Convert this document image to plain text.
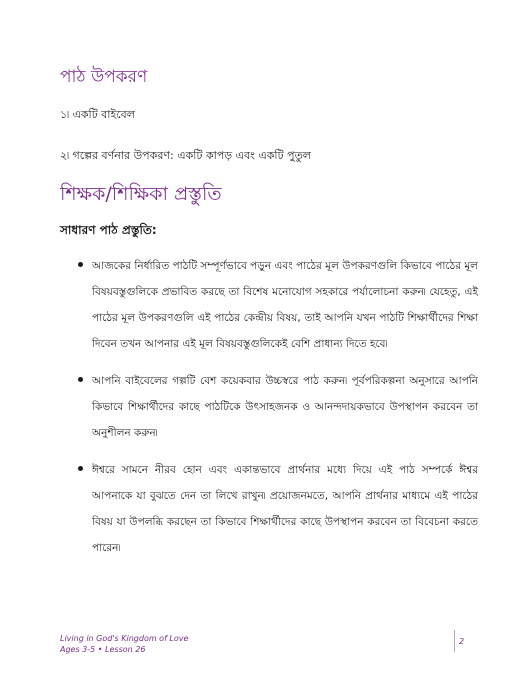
পাঠ উপকরণ

১৷ একটি বাইবেল

২৷ গল্পের বর্ণনার উপকরণ: একটি কাপড় এবং একটি পুতুল

শিক্ষক/শিক্ষিকা প্রস্তুতি

সাধারণ পাঠ প্রস্তুতি:

আজকের নির্ধারিত পাঠটি সম্পূর্ণভাবে পড়ুন এবং পাঠের মূল উপকরণগুলি কিভাবে পাঠের মূল বিষয়বস্তুগুলিকে প্রভাবিত করছে তা বিশেষ মনোযোগ সহকারে পর্যালোচনা করুন৷ যেহেতু, এই পাঠের মূল উপকরণগুলি এই পাঠের কেন্দ্রীয় বিষয়, তাই আপনি যখন পাঠটি শিক্ষার্থীদের শিক্ষা দিবেন তখন আপনার এই মূল বিষয়বস্তুগুলিকেই বেশি প্রাধান্য দিতে হবে৷
আপনি বাইবেলের গল্পটি বেশ কয়েকবার উচ্চস্বরে পাঠ করুন৷ পূর্বপরিকল্পনা অনুসারে আপনি কিভাবে শিক্ষার্থীদের কাছে পাঠটিকে উৎসাহজনক ও আনন্দদায়কভাবে উপস্থাপন করবেন তা অনুশীলন করুন৷
ঈশ্বরে সামনে নীরব হোন এবং একান্তভাবে প্রার্থনার মধ্যে দিয়ে এই পাঠ সম্পর্কে ঈশ্বর আপনাকে যা বুঝতে দেন তা লিখে রাখুন৷ প্রয়োজনমতে, আপনি প্রার্থনার মাধ্যমে এই পাঠের বিষয় যা উপলব্ধি করছেন তা কিভাবে শিক্ষার্থীদের কাছে উপস্থাপন করবেন তা বিবেচনা করতে পারেন৷
Living in God's Kingdom of Love
Ages 3-5 • Lesson 26
2
